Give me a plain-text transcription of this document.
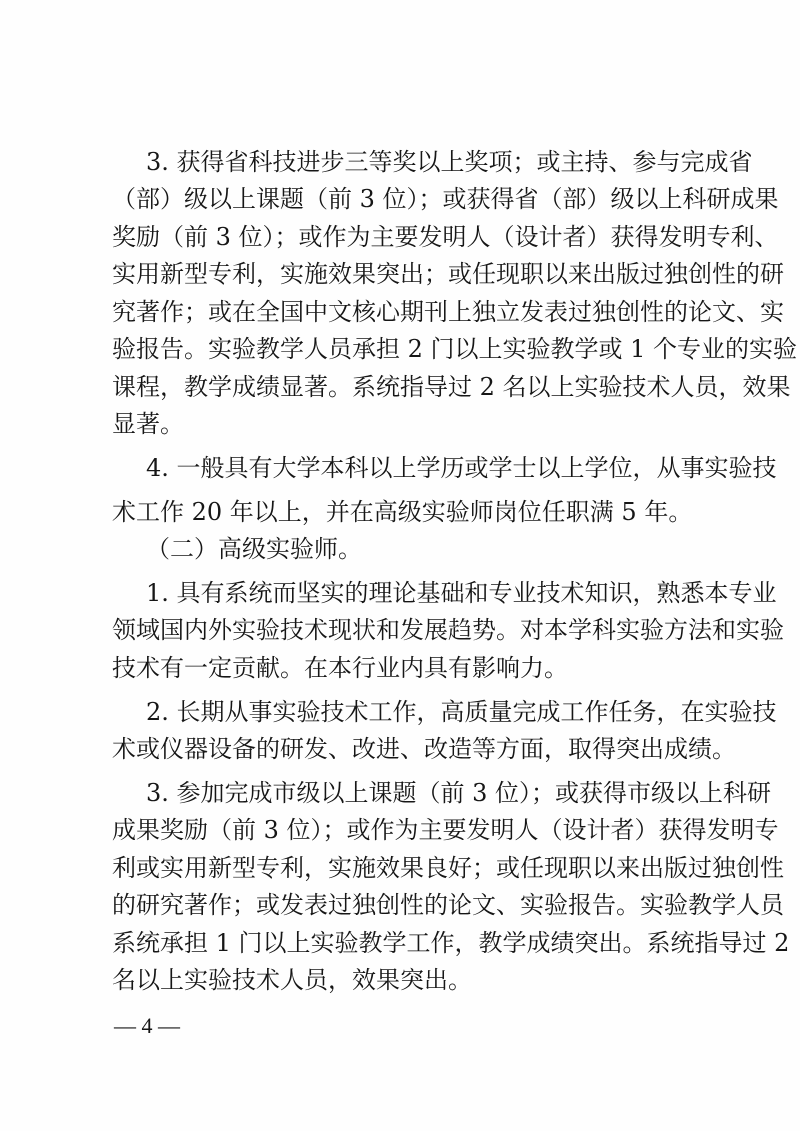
3. 获得省科技进步三等奖以上奖项；或主持、参与完成省

（部）级以上课题（前 3 位）；或获得省（部）级以上科研成果

奖励（前 3 位）；或作为主要发明人（设计者）获得发明专利、

实用新型专利，实施效果突出；或任现职以来出版过独创性的研

究著作；或在全国中文核心期刊上独立发表过独创性的论文、实

验报告。实验教学人员承担 2 门以上实验教学或 1 个专业的实验

课程，教学成绩显著。系统指导过 2 名以上实验技术人员，效果

显著。

4. 一般具有大学本科以上学历或学士以上学位，从事实验技

术工作 20 年以上，并在高级实验师岗位任职满 5 年。

（二）高级实验师。

1. 具有系统而坚实的理论基础和专业技术知识，熟悉本专业

领域国内外实验技术现状和发展趋势。对本学科实验方法和实验

技术有一定贡献。在本行业内具有影响力。

2. 长期从事实验技术工作，高质量完成工作任务，在实验技

术或仪器设备的研发、改进、改造等方面，取得突出成绩。

3. 参加完成市级以上课题（前 3 位）；或获得市级以上科研

成果奖励（前 3 位）；或作为主要发明人（设计者）获得发明专

利或实用新型专利，实施效果良好；或任现职以来出版过独创性

的研究著作；或发表过独创性的论文、实验报告。实验教学人员

系统承担 1 门以上实验教学工作，教学成绩突出。系统指导过 2

名以上实验技术人员，效果突出。

— 4 —
